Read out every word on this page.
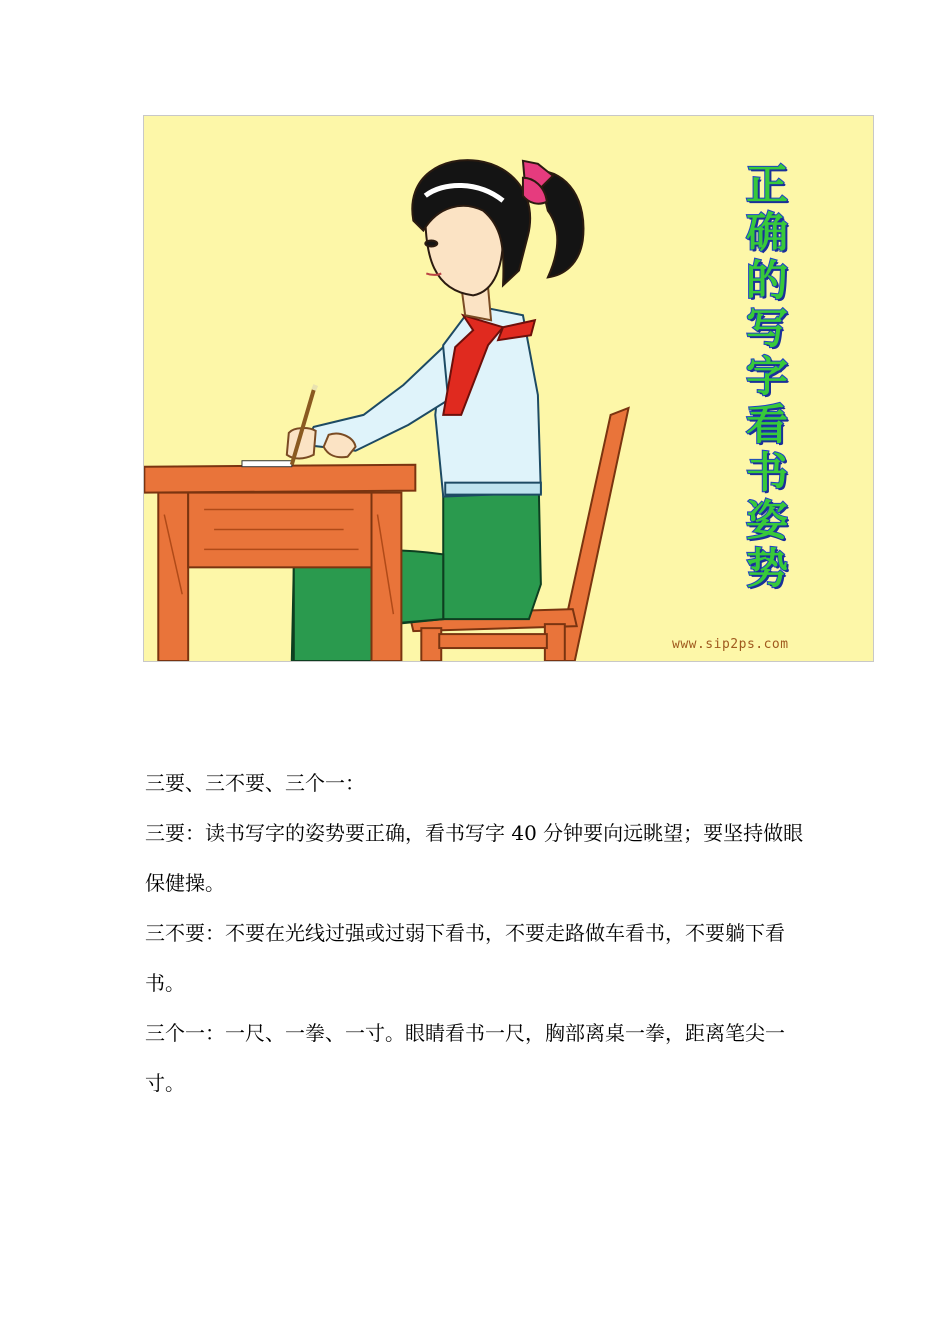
正
确
的
写
字
看
书
姿
势
www.sip2ps.com

三要、三不要、三个一：

三要：读书写字的姿势要正确，看书写字 40 分钟要向远眺望；要坚持做眼保健操。

三不要：不要在光线过强或过弱下看书，不要走路做车看书，不要躺下看书。

三个一：一尺、一拳、一寸。眼睛看书一尺，胸部离桌一拳，距离笔尖一寸。
